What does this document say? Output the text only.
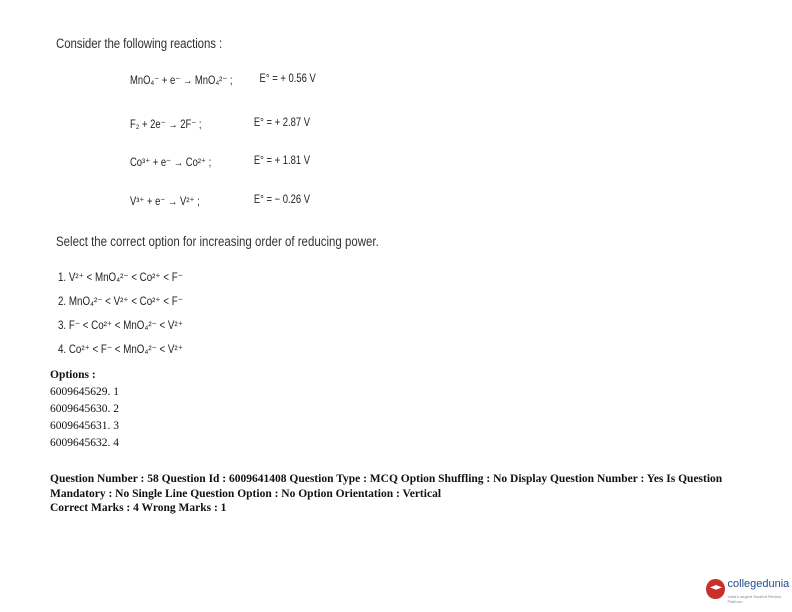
Consider the following reactions :
MnO₄⁻ + e⁻ → MnO₄²⁻ ; E° = + 0.56 V
F₂ + 2e⁻ → 2F⁻ ;	E° = + 2.87 V
Co³⁺ + e⁻ → Co²⁺ ;	E° = + 1.81 V
V³⁺ + e⁻ → V²⁺ ;	E° = − 0.26 V
Select the correct option for increasing order of reducing power.
1. V²⁺ < MnO₄²⁻ < Co²⁺ < F⁻
2. MnO₄²⁻ < V²⁺ < Co²⁺ < F⁻
3. F⁻ < Co²⁺ < MnO₄²⁻ < V²⁺
4. Co²⁺ < F⁻ < MnO₄²⁻ < V²⁺
Options :
6009645629. 1
6009645630. 2
6009645631. 3
6009645632. 4
Question Number : 58 Question Id : 6009641408 Question Type : MCQ Option Shuffling : No Display Question Number : Yes Is Question Mandatory : No Single Line Question Option : No Option Orientation : Vertical
Correct Marks : 4 Wrong Marks : 1
collegedunia
India's largest Student Review Platform
